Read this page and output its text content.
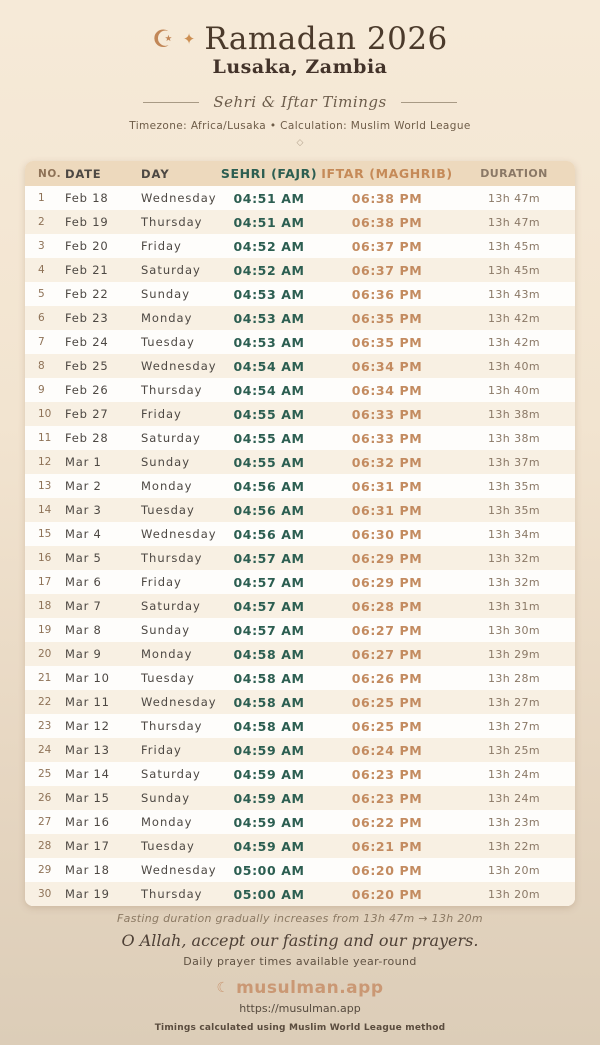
☪ ✦ Ramadan 2026
Lusaka, Zambia
Sehri & Iftar Timings
Timezone: Africa/Lusaka • Calculation: Muslim World League
◇
NO. DATE	DAY	SEHRI (FAJR) IFTAR (MAGHRIB)	DURATION
1	Feb 18	Wednesday	04:51 AM	06:38 PM	13h 47m
2	Feb 19	Thursday	04:51 AM	06:38 PM	13h 47m
3	Feb 20	Friday	04:52 AM	06:37 PM	13h 45m
4	Feb 21	Saturday	04:52 AM	06:37 PM	13h 45m
5	Feb 22	Sunday	04:53 AM	06:36 PM	13h 43m
6	Feb 23	Monday	04:53 AM	06:35 PM	13h 42m
7	Feb 24	Tuesday	04:53 AM	06:35 PM	13h 42m
8	Feb 25	Wednesday	04:54 AM	06:34 PM	13h 40m
9	Feb 26	Thursday	04:54 AM	06:34 PM	13h 40m
10	Feb 27	Friday	04:55 AM	06:33 PM	13h 38m
11	Feb 28	Saturday	04:55 AM	06:33 PM	13h 38m
12	Mar 1	Sunday	04:55 AM	06:32 PM	13h 37m
13	Mar 2	Monday	04:56 AM	06:31 PM	13h 35m
14	Mar 3	Tuesday	04:56 AM	06:31 PM	13h 35m
15	Mar 4	Wednesday	04:56 AM	06:30 PM	13h 34m
16	Mar 5	Thursday	04:57 AM	06:29 PM	13h 32m
17	Mar 6	Friday	04:57 AM	06:29 PM	13h 32m
18	Mar 7	Saturday	04:57 AM	06:28 PM	13h 31m
19	Mar 8	Sunday	04:57 AM	06:27 PM	13h 30m
20	Mar 9	Monday	04:58 AM	06:27 PM	13h 29m
21	Mar 10	Tuesday	04:58 AM	06:26 PM	13h 28m
22	Mar 11	Wednesday	04:58 AM	06:25 PM	13h 27m
23	Mar 12	Thursday	04:58 AM	06:25 PM	13h 27m
24	Mar 13	Friday	04:59 AM	06:24 PM	13h 25m
25	Mar 14	Saturday	04:59 AM	06:23 PM	13h 24m
26	Mar 15	Sunday	04:59 AM	06:23 PM	13h 24m
27	Mar 16	Monday	04:59 AM	06:22 PM	13h 23m
28	Mar 17	Tuesday	04:59 AM	06:21 PM	13h 22m
29	Mar 18	Wednesday	05:00 AM	06:20 PM	13h 20m
30	Mar 19	Thursday	05:00 AM	06:20 PM	13h 20m
Fasting duration gradually increases from 13h 47m → 13h 20m
O Allah, accept our fasting and our prayers.
Daily prayer times available year-round
☾ musulman.app
https://musulman.app
Timings calculated using Muslim World League method
